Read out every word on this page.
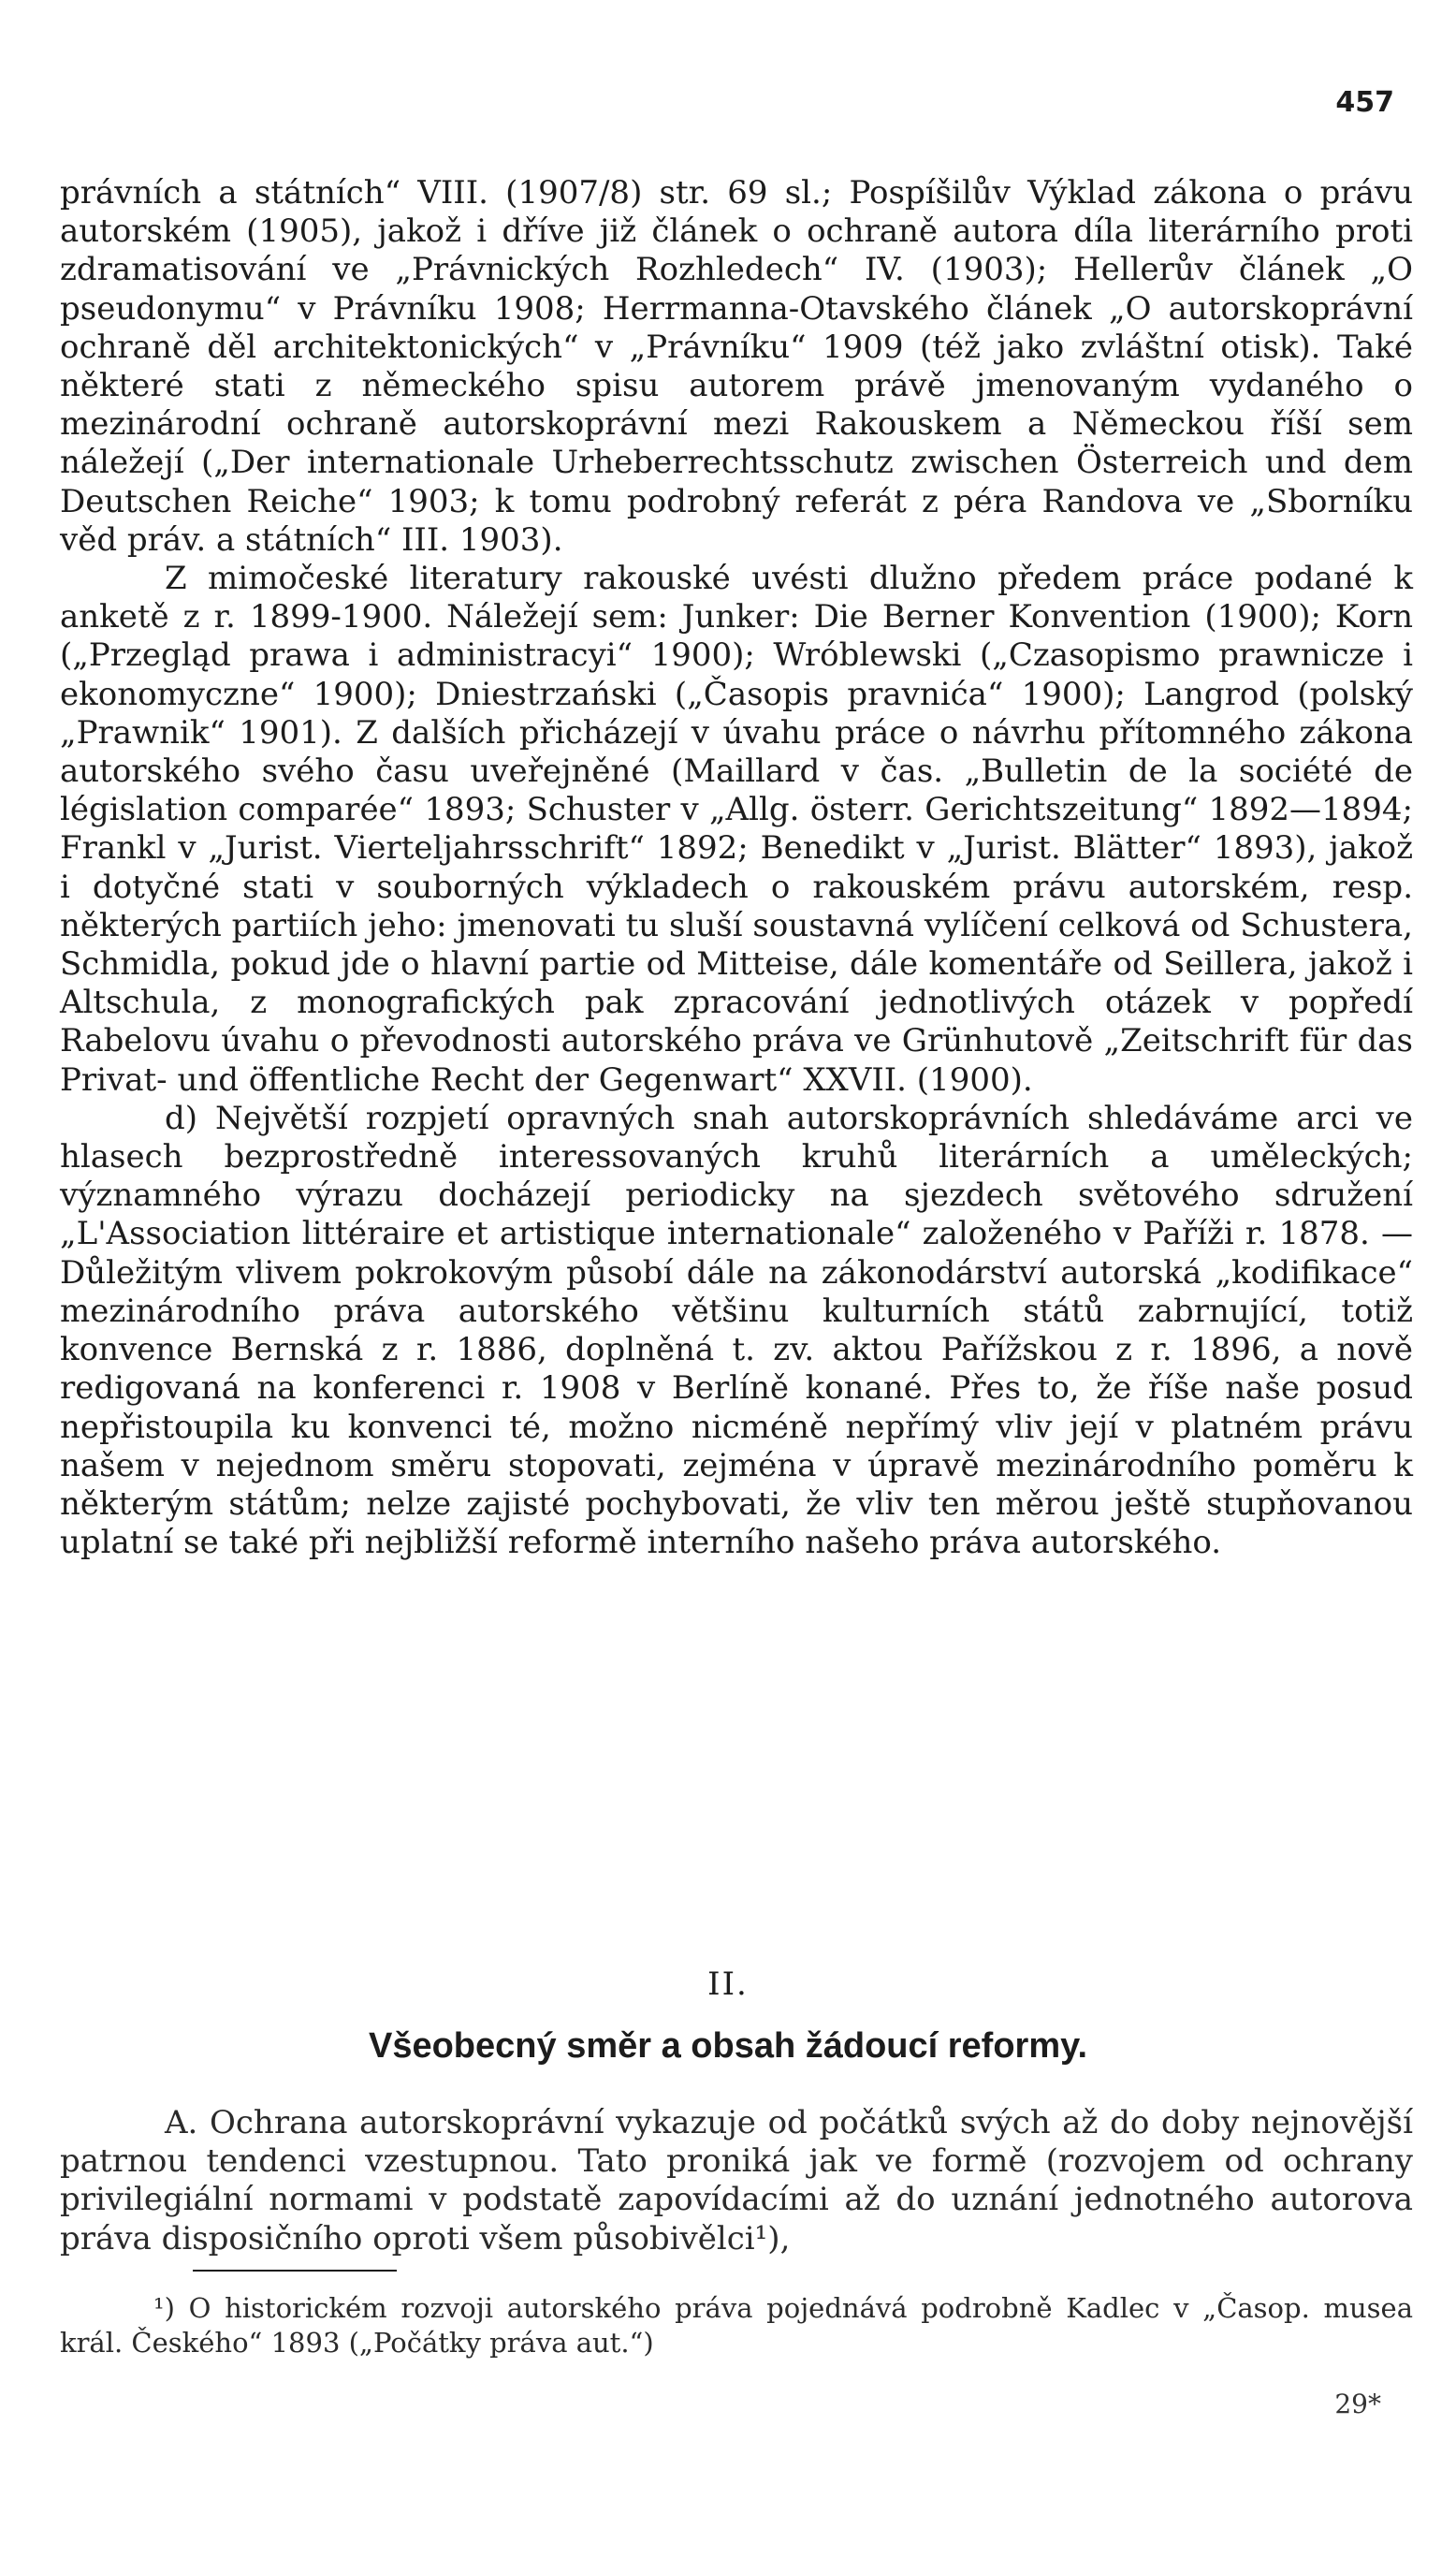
457

právních a státních“ VIII. (1907/8) str. 69 sl.; Pospíšilův Výklad zákona o právu autorském (1905), jakož i dříve již článek o ochraně autora díla literárního proti zdramatisování ve „Právnických Rozhledech“ IV. (1903); Hellerův článek „O pseudonymu“ v Právníku 1908; Herrmanna-Otavského článek „O autorskoprávní ochraně děl architektonických“ v „Právníku“ 1909 (též jako zvláštní otisk). Také některé stati z německého spisu autorem právě jmenovaným vydaného o mezinárodní ochraně autorskoprávní mezi Rakouskem a Německou říší sem náležejí („Der internationale Urheberrechtsschutz zwischen Österreich und dem Deutschen Reiche“ 1903; k tomu podrobný referát z péra Randova ve „Sborníku věd práv. a státních“ III. 1903).

Z mimočeské literatury rakouské uvésti dlužno předem práce podané k anketě z r. 1899-1900. Náležejí sem: Junker: Die Berner Konvention (1900); Korn („Przegląd prawa i administracyi“ 1900); Wróblewski („Czasopismo prawnicze i ekonomyczne“ 1900); Dniestrzański („Časopis pravnića“ 1900); Langrod (polský „Prawnik“ 1901). Z dalších přicházejí v úvahu práce o návrhu přítomného zákona autorského svého času uveřejněné (Maillard v čas. „Bulletin de la société de législation comparée“ 1893; Schuster v „Allg. österr. Gerichtszeitung“ 1892—1894; Frankl v „Jurist. Vierteljahrsschrift“ 1892; Benedikt v „Jurist. Blätter“ 1893), jakož i dotyčné stati v souborných výkladech o rakouském právu autorském, resp. některých partiích jeho: jmenovati tu sluší soustavná vylíčení celková od Schustera, Schmidla, pokud jde o hlavní partie od Mitteise, dále komentáře od Seillera, jakož i Altschula, z monografických pak zpracování jednotlivých otázek v popředí Rabelovu úvahu o převodnosti autorského práva ve Grünhutově „Zeitschrift für das Privat- und öffentliche Recht der Gegenwart“ XXVII. (1900).

d) Největší rozpjetí opravných snah autorskoprávních shledáváme arci ve hlasech bezprostředně interessovaných kruhů literárních a uměleckých; významného výrazu docházejí periodicky na sjezdech světového sdružení „L'Association littéraire et artistique internationale“ založeného v Paříži r. 1878. — Důležitým vlivem pokrokovým působí dále na zákonodárství autorská „kodifikace“ mezinárodního práva autorského většinu kulturních států zabrnující, totiž konvence Bernská z r. 1886, doplněná t. zv. aktou Pařížskou z r. 1896, a nově redigovaná na konferenci r. 1908 v Berlíně konané. Přes to, že říše naše posud nepřistoupila ku konvenci té, možno nicméně nepřímý vliv její v platném právu našem v nejednom směru stopovati, zejména v úpravě mezinárodního poměru k některým státům; nelze zajisté pochybovati, že vliv ten měrou ještě stupňovanou uplatní se také při nejbližší reformě interního našeho práva autorského.

II.
Všeobecný směr a obsah žádoucí reformy.

A. Ochrana autorskoprávní vykazuje od počátků svých až do doby nejnovější patrnou tendenci vzestupnou. Tato proniká jak ve formě (rozvojem od ochrany privilegiální normami v podstatě zapovídacími až do uznání jednotného autorova práva disposičního oproti všem působivělci¹),

¹) O historickém rozvoji autorského práva pojednává podrobně Kadlec v „Časop. musea král. Českého“ 1893 („Počátky práva aut.“)

29*
